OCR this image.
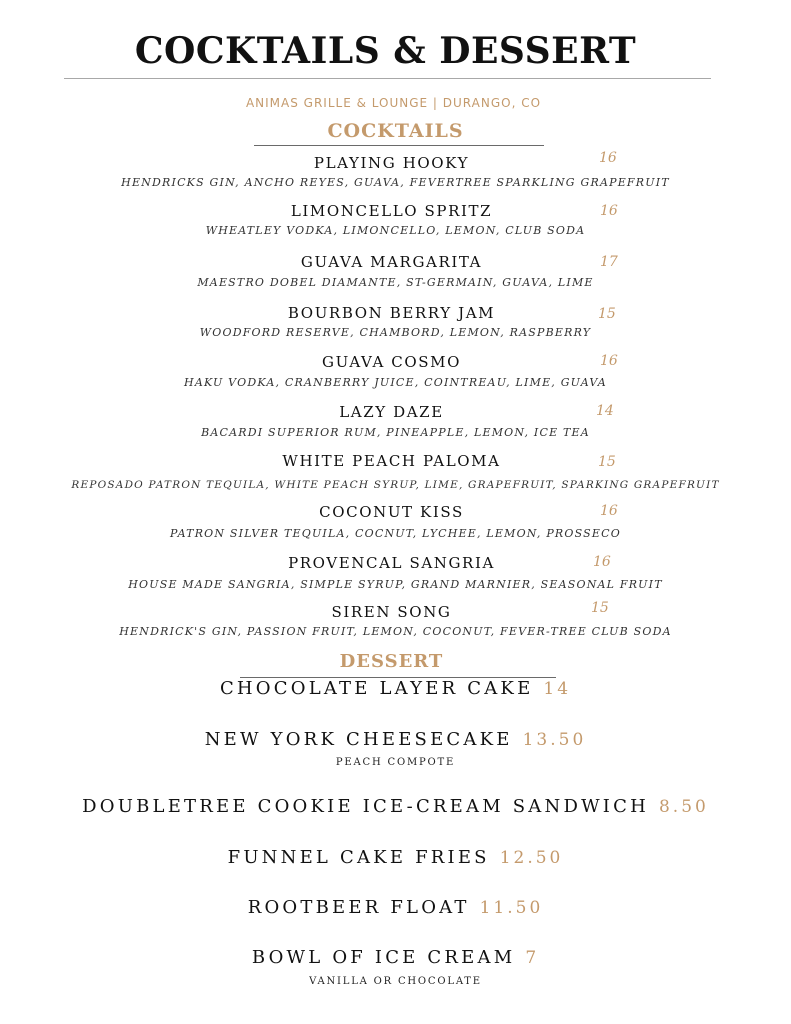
COCKTAILS & DESSERT
ANIMAS GRILLE & LOUNGE | DURANGO, CO
COCKTAILS
PLAYING HOOKY	16
HENDRICKS GIN, ANCHO REYES, GUAVA, FEVERTREE SPARKLING GRAPEFRUIT
LIMONCELLO SPRITZ	16
WHEATLEY VODKA, LIMONCELLO, LEMON, CLUB SODA
GUAVA MARGARITA	17
MAESTRO DOBEL DIAMANTE, ST-GERMAIN, GUAVA, LIME
BOURBON BERRY JAM	15
WOODFORD RESERVE, CHAMBORD, LEMON, RASPBERRY
GUAVA COSMO	16
HAKU VODKA, CRANBERRY JUICE, COINTREAU, LIME, GUAVA
LAZY DAZE	14
BACARDI SUPERIOR RUM, PINEAPPLE, LEMON, ICE TEA
WHITE PEACH PALOMA	15
REPOSADO PATRON TEQUILA, WHITE PEACH SYRUP, LIME, GRAPEFRUIT, SPARKING GRAPEFRUIT
COCONUT KISS	16
PATRON SILVER TEQUILA, COCNUT, LYCHEE, LEMON, PROSSECO
PROVENCAL SANGRIA	16
HOUSE MADE SANGRIA, SIMPLE SYRUP, GRAND MARNIER, SEASONAL FRUIT
SIREN SONG	15
HENDRICK'S GIN, PASSION FRUIT, LEMON, COCONUT, FEVER-TREE CLUB SODA
DESSERT
CHOCOLATE LAYER CAKE 14
NEW YORK CHEESECAKE 13.50
PEACH COMPOTE
DOUBLETREE COOKIE ICE-CREAM SANDWICH 8.50
FUNNEL CAKE FRIES 12.50
ROOTBEER FLOAT 11.50
BOWL OF ICE CREAM 7
VANILLA OR CHOCOLATE
